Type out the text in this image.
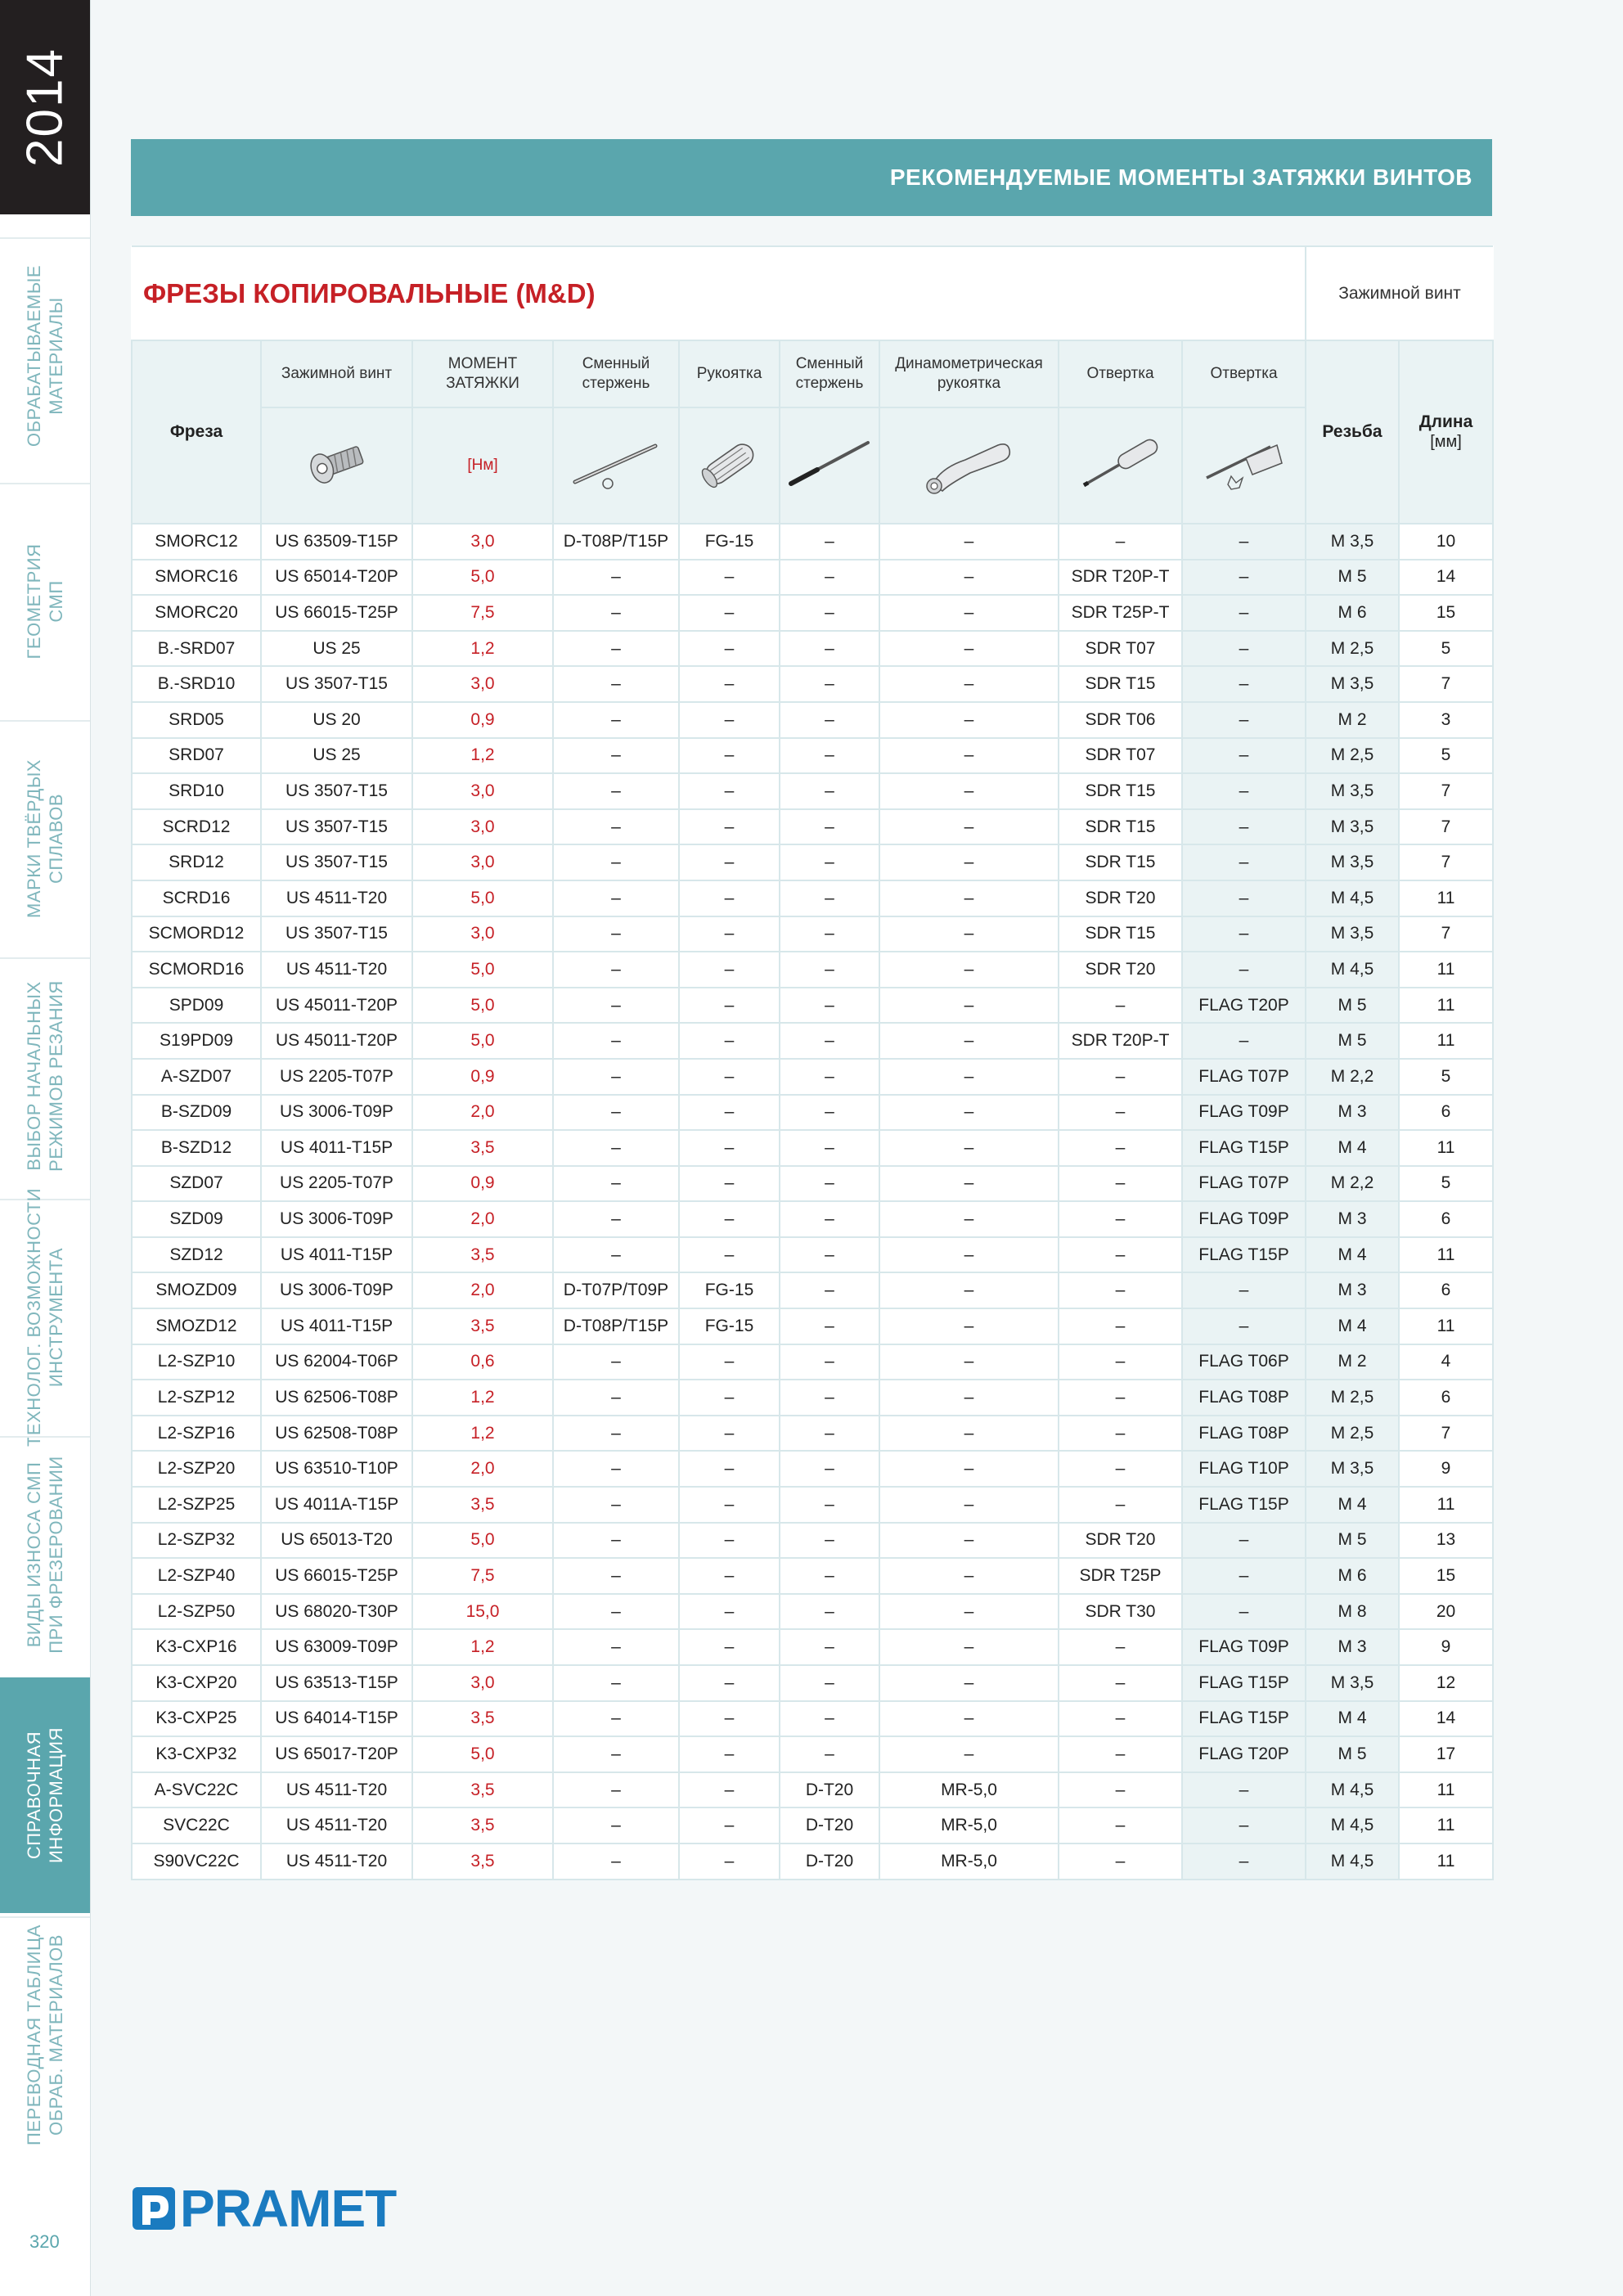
2014
ОБРАБАТЫВАЕМЫЕ
МАТЕРИАЛЫ
ГЕОМЕТРИЯ
СМП
МАРКИ ТВЁРДЫХ
СПЛАВОВ
ВЫБОР НАЧАЛЬНЫХ
РЕЖИМОВ РЕЗАНИЯ
ТЕХНОЛОГ. ВОЗМОЖНОСТИ
ИНСТРУМЕНТА
ВИДЫ ИЗНОСА СМП
ПРИ ФРЕЗЕРОВАНИИ
СПРАВОЧНАЯ
ИНФОРМАЦИЯ
ПЕРЕВОДНАЯ ТАБЛИЦА
ОБРАБ. МАТЕРИАЛОВ
320
РЕКОМЕНДУЕМЫЕ МОМЕНТЫ ЗАТЯЖКИ ВИНТОВ
ФРЕЗЫ КОПИРОВАЛЬНЫЕ (M&D)									Зажимной винт	
Фреза	Зажимной винт	МОМЕНТ ЗАТЯЖКИ	Сменный стержень	Рукоятка	Сменный стержень	Динамометрическая рукоятка	Отвертка	Отвертка	Резьба	Длина
[мм]

	[Нм]						
SMORC12	US 63509-T15P	3,0	D-T08P/T15P	FG-15	–	–	–	–	M 3,5	10
SMORC16	US 65014-T20P	5,0	–	–	–	–	SDR T20P-T	–	M 5	14
SMORC20	US 66015-T25P	7,5	–	–	–	–	SDR T25P-T	–	M 6	15
B.-SRD07	US 25	1,2	–	–	–	–	SDR T07	–	M 2,5	5
B.-SRD10	US 3507-T15	3,0	–	–	–	–	SDR T15	–	M 3,5	7
SRD05	US 20	0,9	–	–	–	–	SDR T06	–	M 2	3
SRD07	US 25	1,2	–	–	–	–	SDR T07	–	M 2,5	5
SRD10	US 3507-T15	3,0	–	–	–	–	SDR T15	–	M 3,5	7
SCRD12	US 3507-T15	3,0	–	–	–	–	SDR T15	–	M 3,5	7
SRD12	US 3507-T15	3,0	–	–	–	–	SDR T15	–	M 3,5	7
SCRD16	US 4511-T20	5,0	–	–	–	–	SDR T20	–	M 4,5	11
SCMORD12	US 3507-T15	3,0	–	–	–	–	SDR T15	–	M 3,5	7
SCMORD16	US 4511-T20	5,0	–	–	–	–	SDR T20	–	M 4,5	11
SPD09	US 45011-T20P	5,0	–	–	–	–	–	FLAG T20P	M 5	11
S19PD09	US 45011-T20P	5,0	–	–	–	–	SDR T20P-T	–	M 5	11
A-SZD07	US 2205-T07P	0,9	–	–	–	–	–	FLAG T07P	M 2,2	5
B-SZD09	US 3006-T09P	2,0	–	–	–	–	–	FLAG T09P	M 3	6
B-SZD12	US 4011-T15P	3,5	–	–	–	–	–	FLAG T15P	M 4	11
SZD07	US 2205-T07P	0,9	–	–	–	–	–	FLAG T07P	M 2,2	5
SZD09	US 3006-T09P	2,0	–	–	–	–	–	FLAG T09P	M 3	6
SZD12	US 4011-T15P	3,5	–	–	–	–	–	FLAG T15P	M 4	11
SMOZD09	US 3006-T09P	2,0	D-T07P/T09P	FG-15	–	–	–	–	M 3	6
SMOZD12	US 4011-T15P	3,5	D-T08P/T15P	FG-15	–	–	–	–	M 4	11
L2-SZP10	US 62004-T06P	0,6	–	–	–	–	–	FLAG T06P	M 2	4
L2-SZP12	US 62506-T08P	1,2	–	–	–	–	–	FLAG T08P	M 2,5	6
L2-SZP16	US 62508-T08P	1,2	–	–	–	–	–	FLAG T08P	M 2,5	7
L2-SZP20	US 63510-T10P	2,0	–	–	–	–	–	FLAG T10P	M 3,5	9
L2-SZP25	US 4011A-T15P	3,5	–	–	–	–	–	FLAG T15P	M 4	11
L2-SZP32	US 65013-T20	5,0	–	–	–	–	SDR T20	–	M 5	13
L2-SZP40	US 66015-T25P	7,5	–	–	–	–	SDR T25P	–	M 6	15
L2-SZP50	US 68020-T30P	15,0	–	–	–	–	SDR T30	–	M 8	20
K3-CXP16	US 63009-T09P	1,2	–	–	–	–	–	FLAG T09P	M 3	9
K3-CXP20	US 63513-T15P	3,0	–	–	–	–	–	FLAG T15P	M 3,5	12
K3-CXP25	US 64014-T15P	3,5	–	–	–	–	–	FLAG T15P	M 4	14
K3-CXP32	US 65017-T20P	5,0	–	–	–	–	–	FLAG T20P	M 5	17
A-SVC22C	US 4511-T20	3,5	–	–	D-T20	MR-5,0	–	–	M 4,5	11
SVC22C	US 4511-T20	3,5	–	–	D-T20	MR-5,0	–	–	M 4,5	11
S90VC22C	US 4511-T20	3,5	–	–	D-T20	MR-5,0	–	–	M 4,5	11
PRAMET
